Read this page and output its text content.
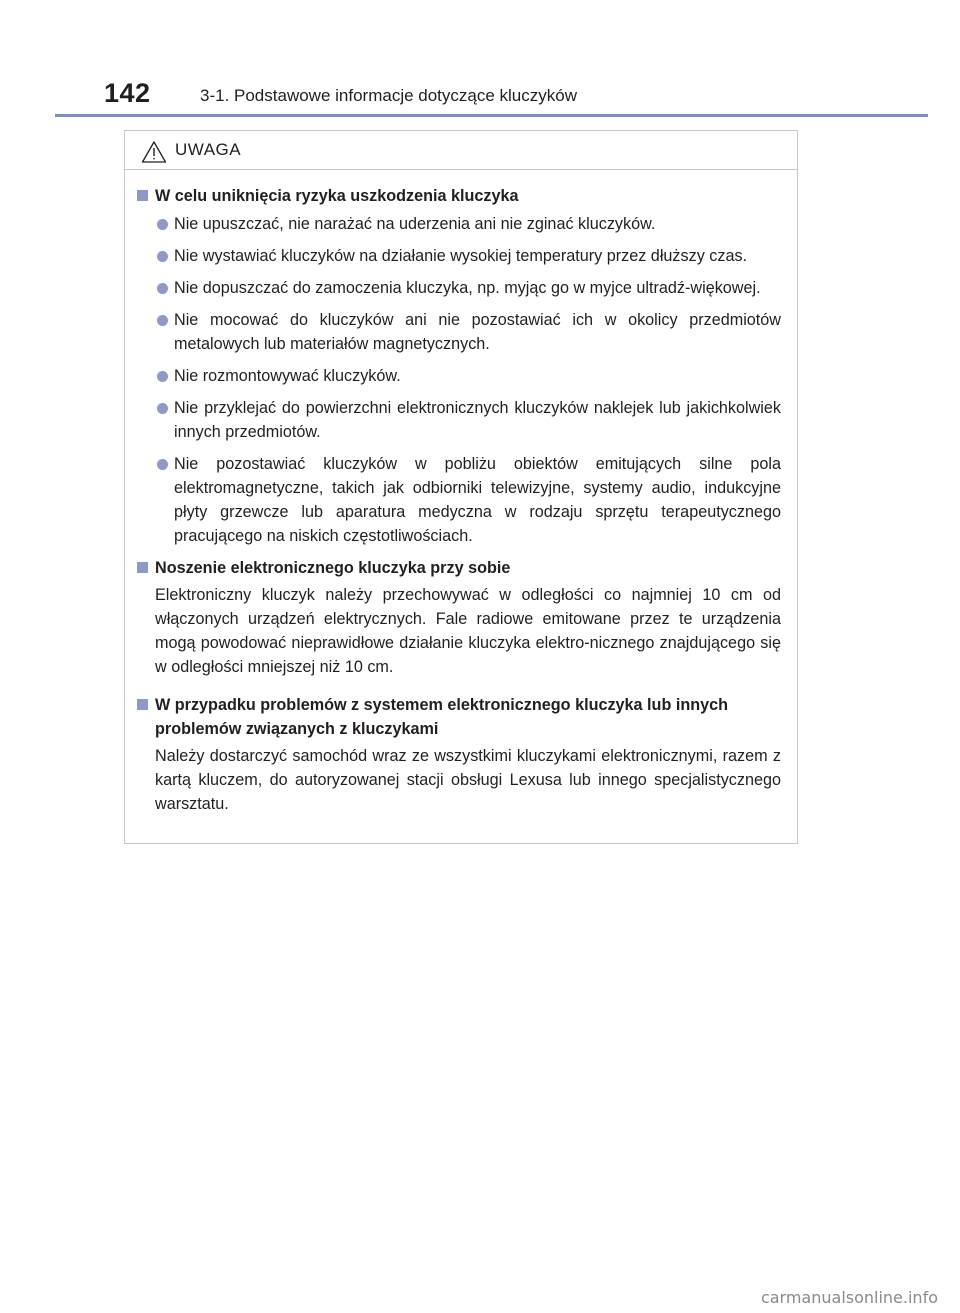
142	3-1. Podstawowe informacje dotyczące kluczyków
UWAGA
W celu uniknięcia ryzyka uszkodzenia kluczyka
Nie upuszczać, nie narażać na uderzenia ani nie zginać kluczyków.
Nie wystawiać kluczyków na działanie wysokiej temperatury przez dłuższy czas.
Nie dopuszczać do zamoczenia kluczyka, np. myjąc go w myjce ultradź-więkowej.
Nie mocować do kluczyków ani nie pozostawiać ich w okolicy przedmiotów metalowych lub materiałów magnetycznych.
Nie rozmontowywać kluczyków.
Nie przyklejać do powierzchni elektronicznych kluczyków naklejek lub jakichkolwiek innych przedmiotów.
Nie pozostawiać kluczyków w pobliżu obiektów emitujących silne pola elektromagnetyczne, takich jak odbiorniki telewizyjne, systemy audio, indukcyjne płyty grzewcze lub aparatura medyczna w rodzaju sprzętu terapeutycznego pracującego na niskich częstotliwościach.
Noszenie elektronicznego kluczyka przy sobie
Elektroniczny kluczyk należy przechowywać w odległości co najmniej 10 cm od włączonych urządzeń elektrycznych. Fale radiowe emitowane przez te urządzenia mogą powodować nieprawidłowe działanie kluczyka elektro-nicznego znajdującego się w odległości mniejszej niż 10 cm.
W przypadku problemów z systemem elektronicznego kluczyka lub innych problemów związanych z kluczykami
Należy dostarczyć samochód wraz ze wszystkimi kluczykami elektronicznymi, razem z kartą kluczem, do autoryzowanej stacji obsługi Lexusa lub innego specjalistycznego warsztatu.
carmanualsonline.info
